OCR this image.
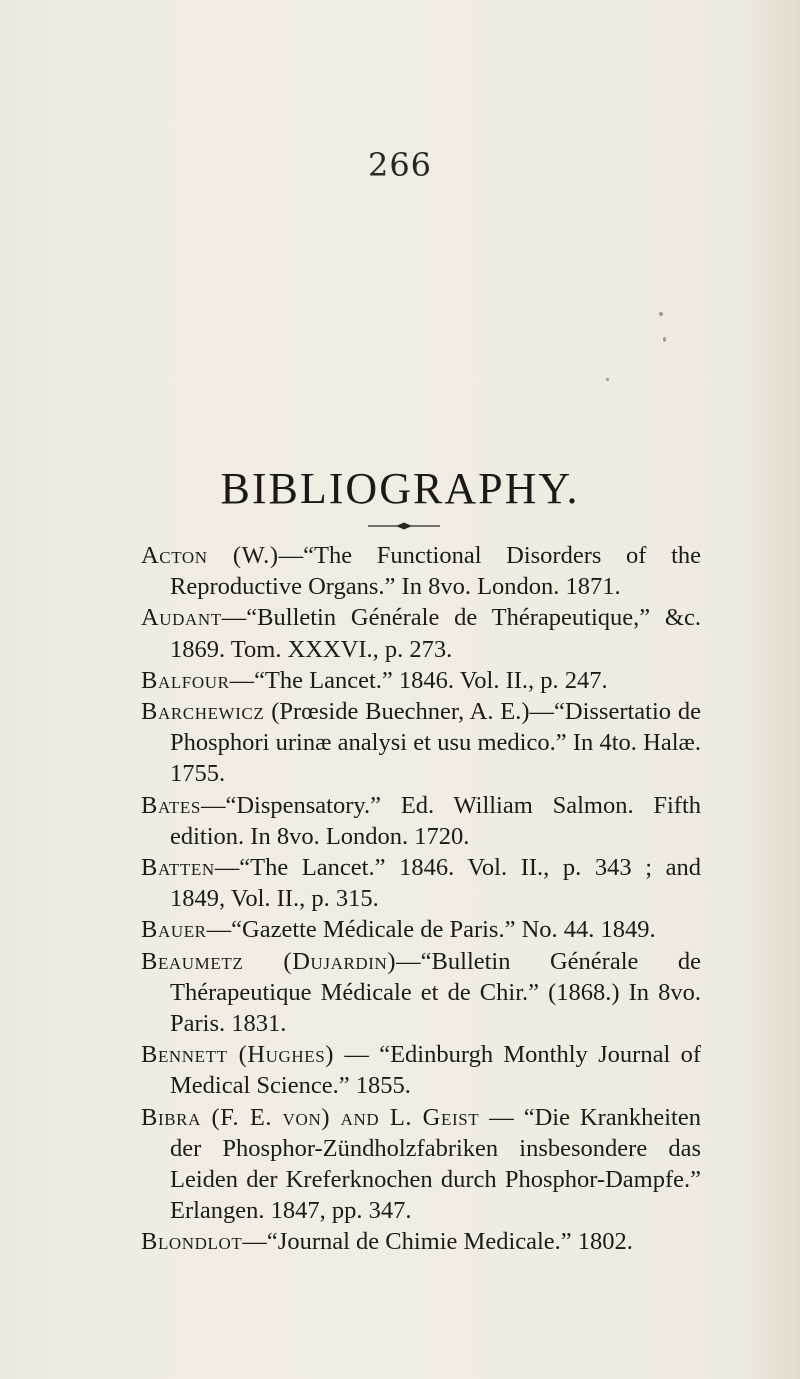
266
BIBLIOGRAPHY.
Acton (W.)—“The Functional Disorders of the Reproductive Organs.” In 8vo. London. 1871.
Audant—“Bulletin Générale de Thérapeutique,” &c. 1869. Tom. XXXVI., p. 273.
Balfour—“The Lancet.” 1846. Vol. II., p. 247.
Barchewicz (Prœside Buechner, A. E.)—“Dissertatio de Phosphori urinæ analysi et usu medico.” In 4to. Halæ. 1755.
Bates—“Dispensatory.” Ed. William Salmon. Fifth edition. In 8vo. London. 1720.
Batten—“The Lancet.” 1846. Vol. II., p. 343 ; and 1849, Vol. II., p. 315.
Bauer—“Gazette Médicale de Paris.” No. 44. 1849.
Beaumetz (Dujardin)—“Bulletin Générale de Thérapeutique Médicale et de Chir.” (1868.) In 8vo. Paris. 1831.
Bennett (Hughes) — “Edinburgh Monthly Journal of Medical Science.” 1855.
Bibra (F. E. von) and L. Geist — “Die Krankheiten der Phosphor-Zündholzfabriken insbesondere das Leiden der Kreferknochen durch Phosphor-Dampfe.” Erlangen. 1847, pp. 347.
Blondlot—“Journal de Chimie Medicale.” 1802.
